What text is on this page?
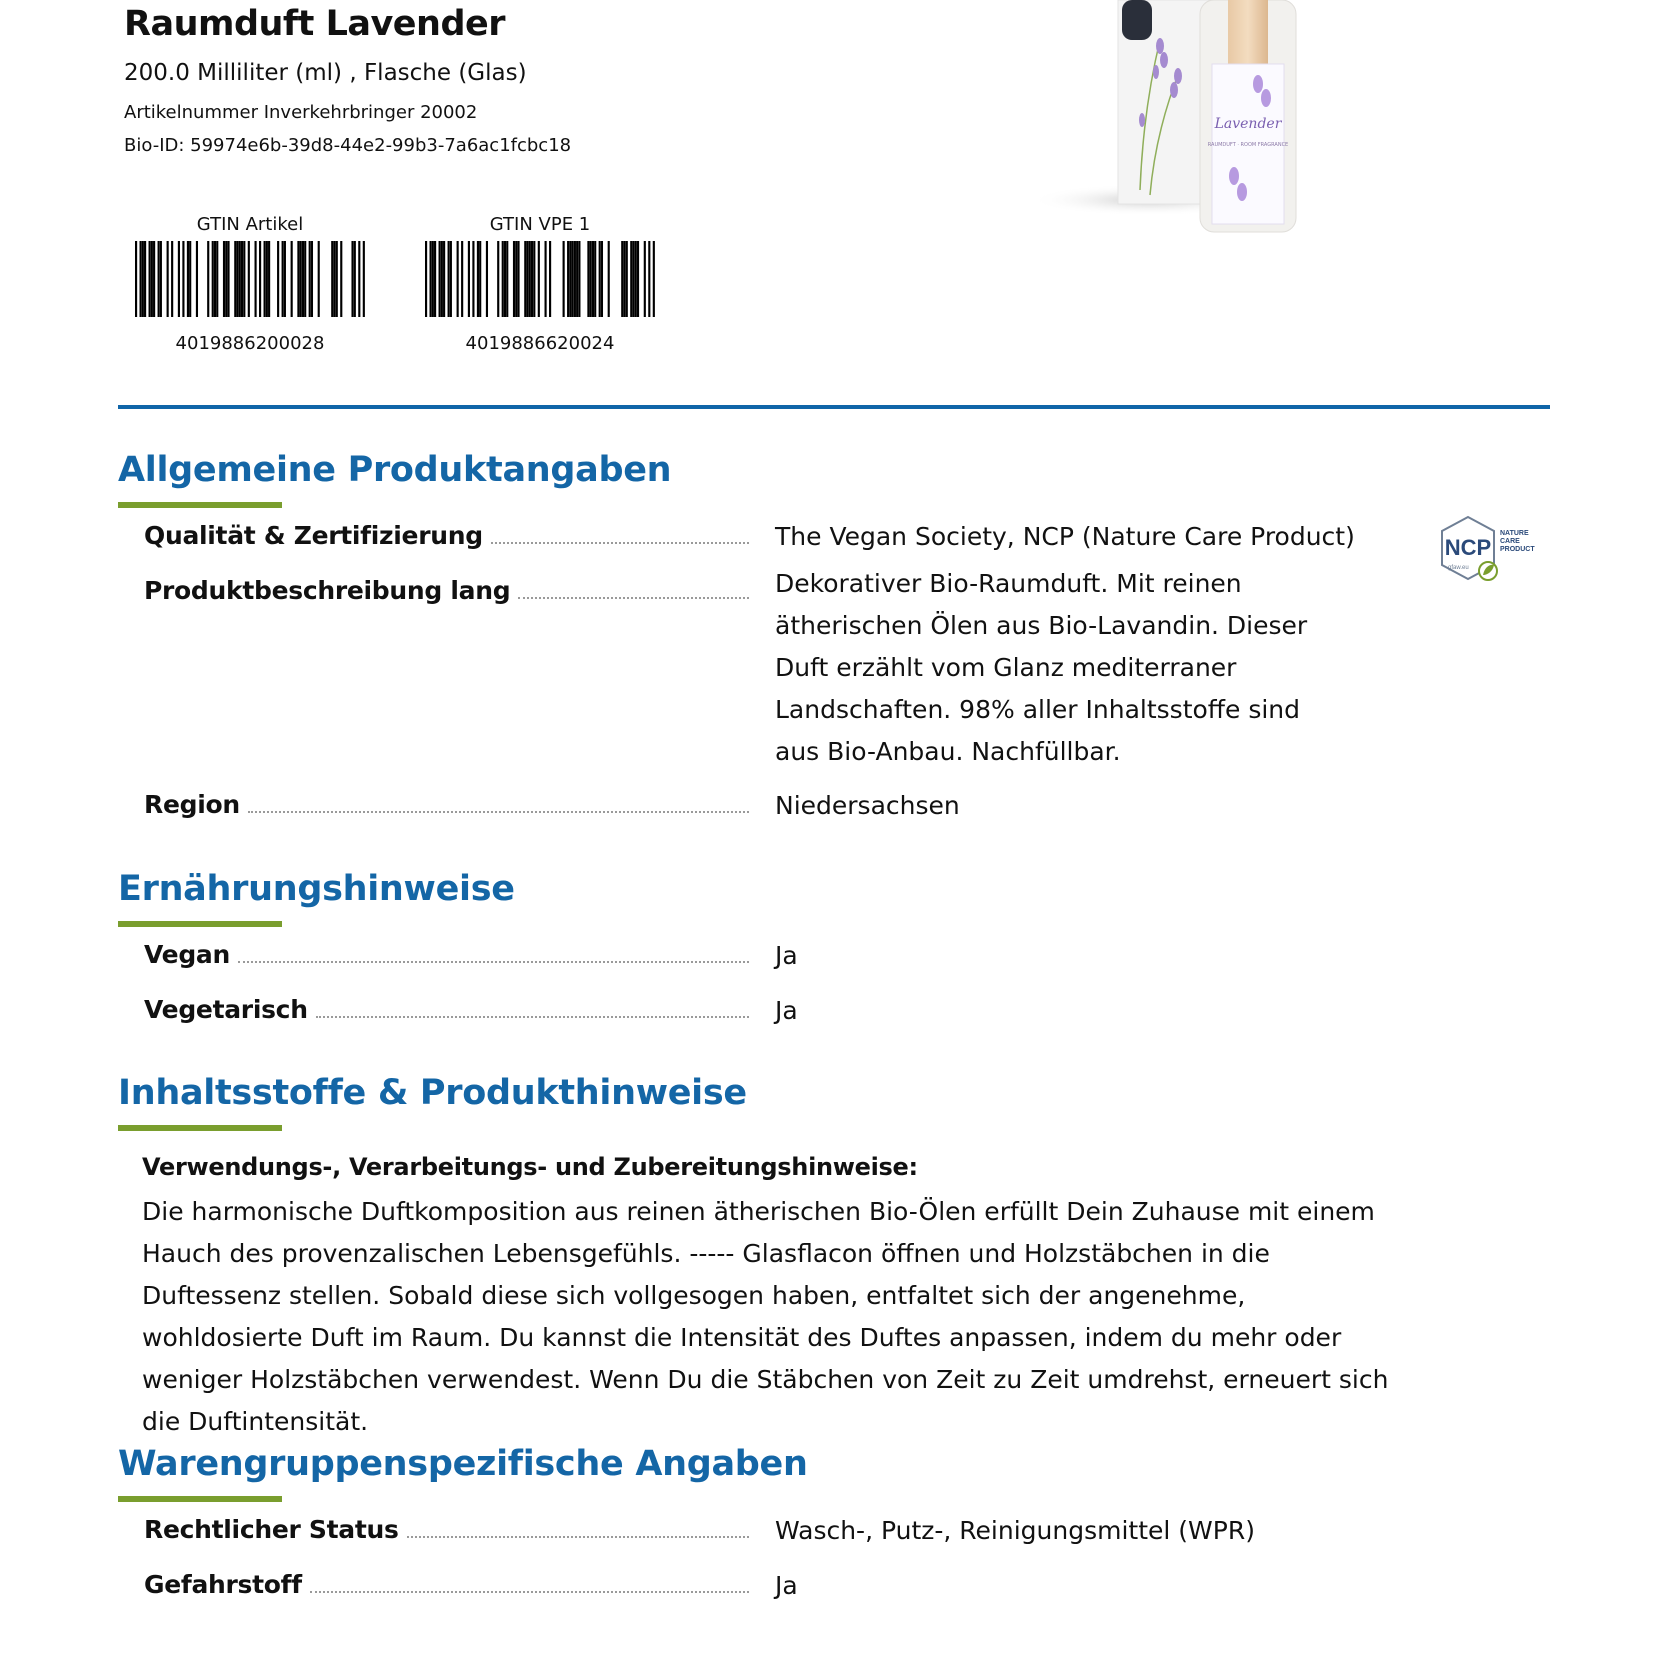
Raumduft Lavender
200.0 Milliliter (ml) , Flasche (Glas)
Artikelnummer Inverkehrbringer 20002
Bio-ID: 59974e6b-39d8-44e2-99b3-7a6ac1fcbc18
GTIN Artikel
4019886200028
GTIN VPE 1
4019886620024
Lavender
RAUMDUFT · ROOM FRAGRANCE
Allgemeine Produktangaben
Qualität & Zertifizierung	The Vegan Society, NCP (Nature Care Product)
Produktbeschreibung lang	Dekorativer Bio-Raumduft. Mit reinen ätherischen Ölen aus Bio-Lavandin. Dieser Duft erzählt vom Glanz mediterraner Landschaften. 98% aller Inhaltsstoffe sind aus Bio-Anbau. Nachfüllbar.
Region	Niedersachsen
NCP
gfaw.eu
NATURE
CARE
PRODUCT
Ernährungshinweise
Vegan	Ja
Vegetarisch	Ja
Inhaltsstoffe & Produkthinweise
Verwendungs-, Verarbeitungs- und Zubereitungshinweise:
Die harmonische Duftkomposition aus reinen ätherischen Bio-Ölen erfüllt Dein Zuhause mit einem Hauch des provenzalischen Lebensgefühls. ----- Glasflacon öffnen und Holzstäbchen in die Duftessenz stellen. Sobald diese sich vollgesogen haben, entfaltet sich der angenehme, wohldosierte Duft im Raum. Du kannst die Intensität des Duftes anpassen, indem du mehr oder weniger Holzstäbchen verwendest. Wenn Du die Stäbchen von Zeit zu Zeit umdrehst, erneuert sich die Duftintensität.
Warengruppenspezifische Angaben
Rechtlicher Status	Wasch-, Putz-, Reinigungsmittel (WPR)
Gefahrstoff	Ja
